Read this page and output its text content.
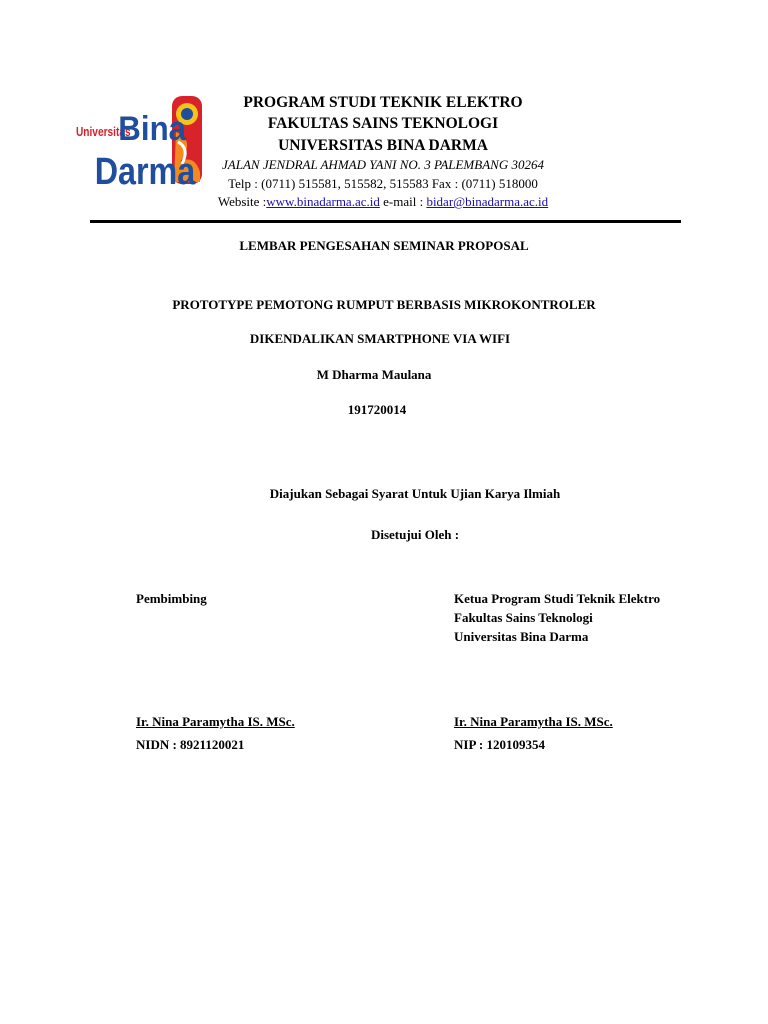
Universitas
Bina
Darma
PROGRAM STUDI TEKNIK ELEKTRO
FAKULTAS SAINS TEKNOLOGI
UNIVERSITAS BINA DARMA
JALAN JENDRAL AHMAD YANI NO. 3 PALEMBANG 30264
Telp : (0711) 515581, 515582, 515583 Fax : (0711) 518000
Website :www.binadarma.ac.id e-mail : bidar@binadarma.ac.id
LEMBAR PENGESAHAN SEMINAR PROPOSAL
PROTOTYPE PEMOTONG RUMPUT BERBASIS MIKROKONTROLER
DIKENDALIKAN SMARTPHONE VIA WIFI
M Dharma Maulana
191720014
Diajukan Sebagai Syarat Untuk Ujian Karya Ilmiah
Disetujui Oleh :
Pembimbing
Ir. Nina Paramytha IS. MSc.
NIDN : 8921120021
Ketua Program Studi Teknik Elektro
Fakultas Sains Teknologi
Universitas Bina Darma
Ir. Nina Paramytha IS. MSc.
NIP : 120109354
